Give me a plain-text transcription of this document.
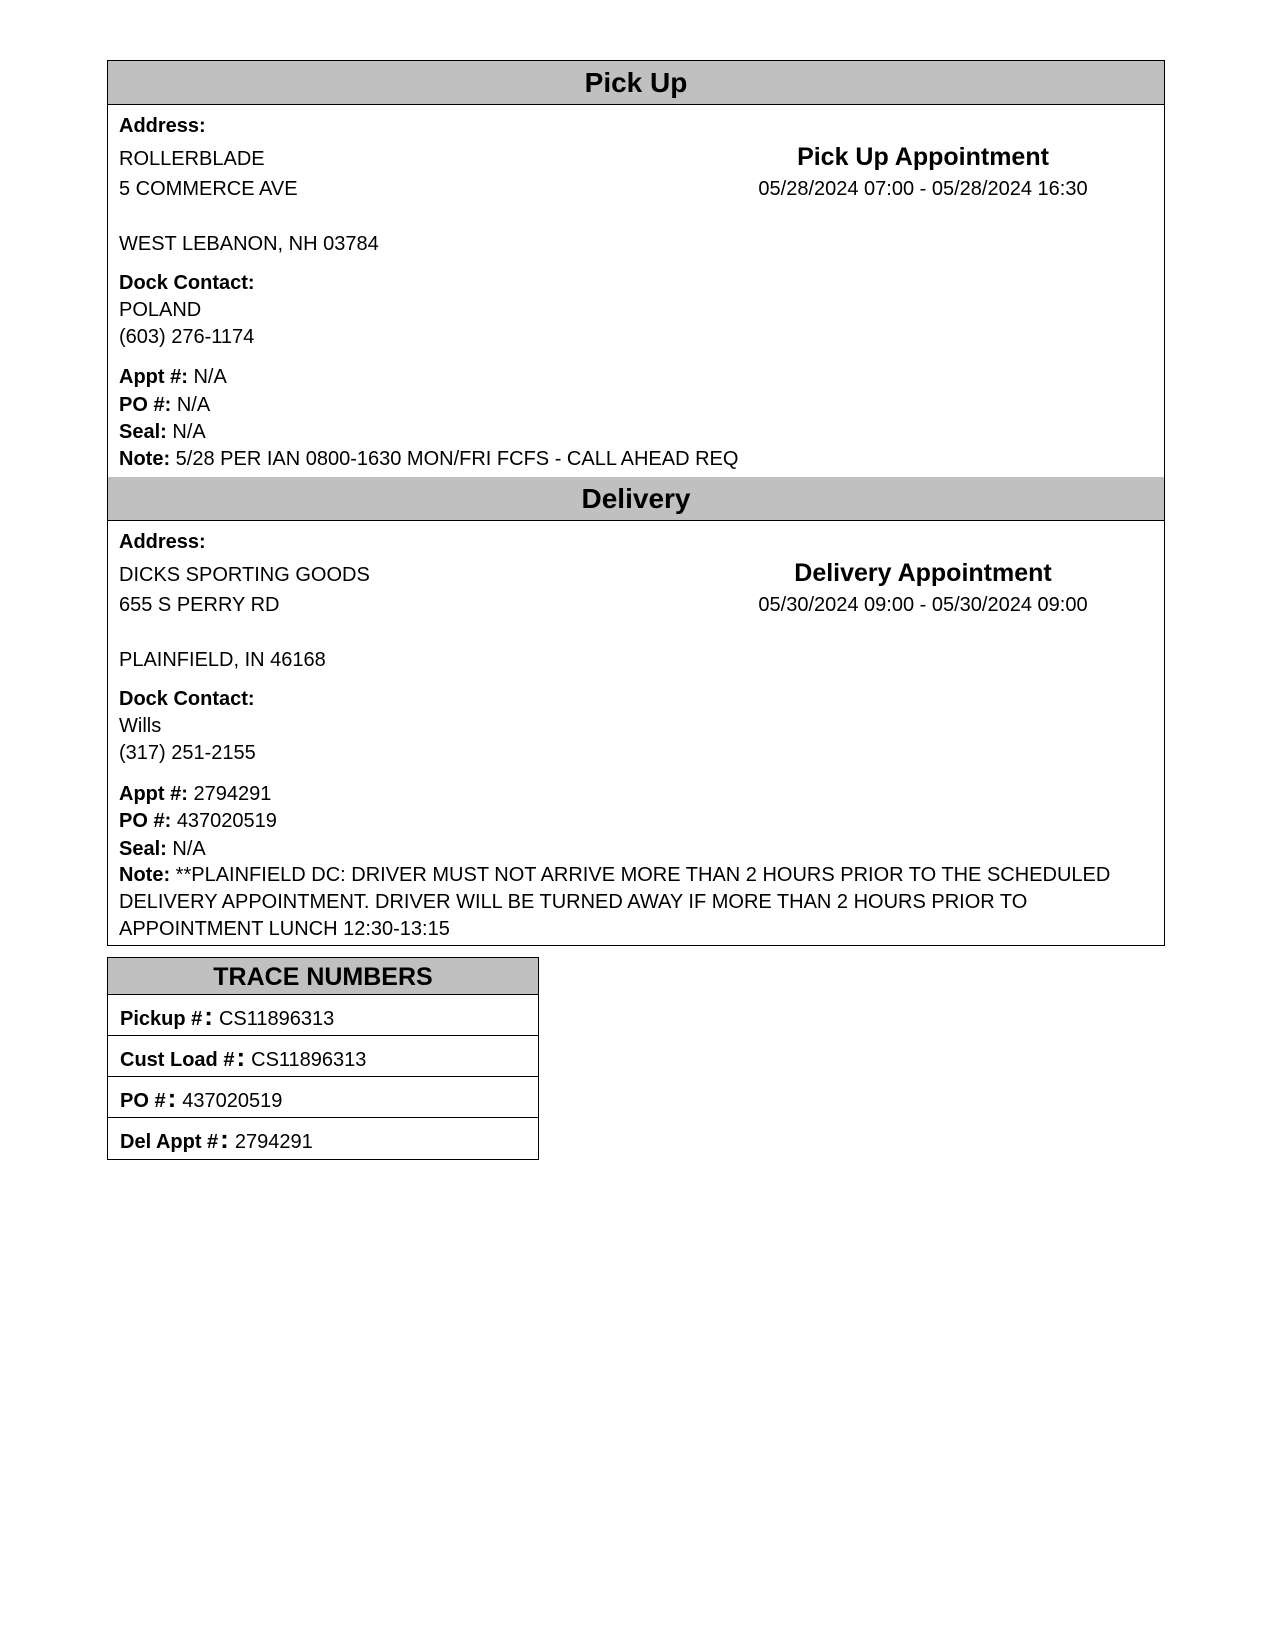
Pick Up
Address:
ROLLERBLADE
5 COMMERCE AVE
WEST LEBANON, NH 03784
Pick Up Appointment
05/28/2024 07:00 - 05/28/2024 16:30
Dock Contact:
POLAND
(603) 276-1174
Appt #: N/A
PO #: N/A
Seal: N/A
Note: 5/28 PER IAN 0800-1630 MON/FRI FCFS - CALL AHEAD REQ
Delivery
Address:
DICKS SPORTING GOODS
655 S PERRY RD
PLAINFIELD, IN 46168
Delivery Appointment
05/30/2024 09:00 - 05/30/2024 09:00
Dock Contact:
Wills
(317) 251-2155
Appt #: 2794291
PO #: 437020519
Seal: N/A
Note: **PLAINFIELD DC: DRIVER MUST NOT ARRIVE MORE THAN 2 HOURS PRIOR TO THE SCHEDULED DELIVERY APPOINTMENT. DRIVER WILL BE TURNED AWAY IF MORE THAN 2 HOURS PRIOR TO APPOINTMENT LUNCH 12:30-13:15
TRACE NUMBERS
Pickup #: CS11896313
Cust Load #: CS11896313
PO #: 437020519
Del Appt #: 2794291
